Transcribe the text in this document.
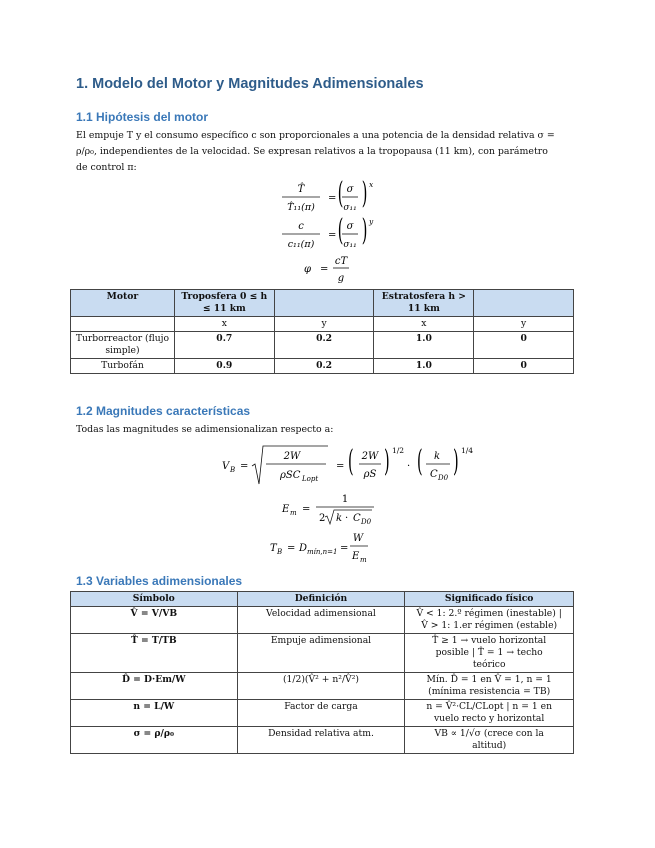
1. Modelo del Motor y Magnitudes Adimensionales
1.1 Hipótesis del motor
El empuje T y el consumo específico c son proporcionales a una potencia de la densidad relativa σ =
ρ/ρ₀, independientes de la velocidad. Se expresan relativos a la tropopausa (11 km), con parámetro
de control π:
T̂
T̂₁₁(π)
= ( σ
σ₁₁ ) x
c
c₁₁(π)
= ( σ
σ₁₁ ) y
φ =
cT
g
Motor	Troposfera 0 ≤ h ≤ 11 km		Estratosfera h > 11 km	
	x	y	x	y
Turborreactor (flujo simple)	0.7	0.2	1.0	0
Turbofán	0.9	0.2	1.0	0
1.2 Magnitudes características
Todas las magnitudes se adimensionalizan respecto a:
V B =
2W
ρSC Lopt
= ( 2W
ρS ) 1/2
· ( k
C D0 ) 1/4
E m =
1
2 k · C D0
T B = D mín,n=1 =
W
E m
1.3 Variables adimensionales
Símbolo	Definición	Significado físico
V̂ = V/VB	Velocidad adimensional	V̂ < 1: 2.º régimen (inestable) |
V̂ > 1: 1.er régimen (estable)

T̂ = T/TB	Empuje adimensional	T̂ ≥ 1 → vuelo horizontal
posible | T̂ = 1 → techo
teórico

D̂ = D·Em/W	(1/2)(V̂² + n²/V̂²)	Mín. D̂ = 1 en V̂ = 1, n = 1
(mínima resistencia = TB)

n = L/W	Factor de carga	n = V̂²·CL/CLopt | n = 1 en
vuelo recto y horizontal

σ = ρ/ρ₀	Densidad relativa atm.	VB ∝ 1/√σ (crece con la
altitud)
